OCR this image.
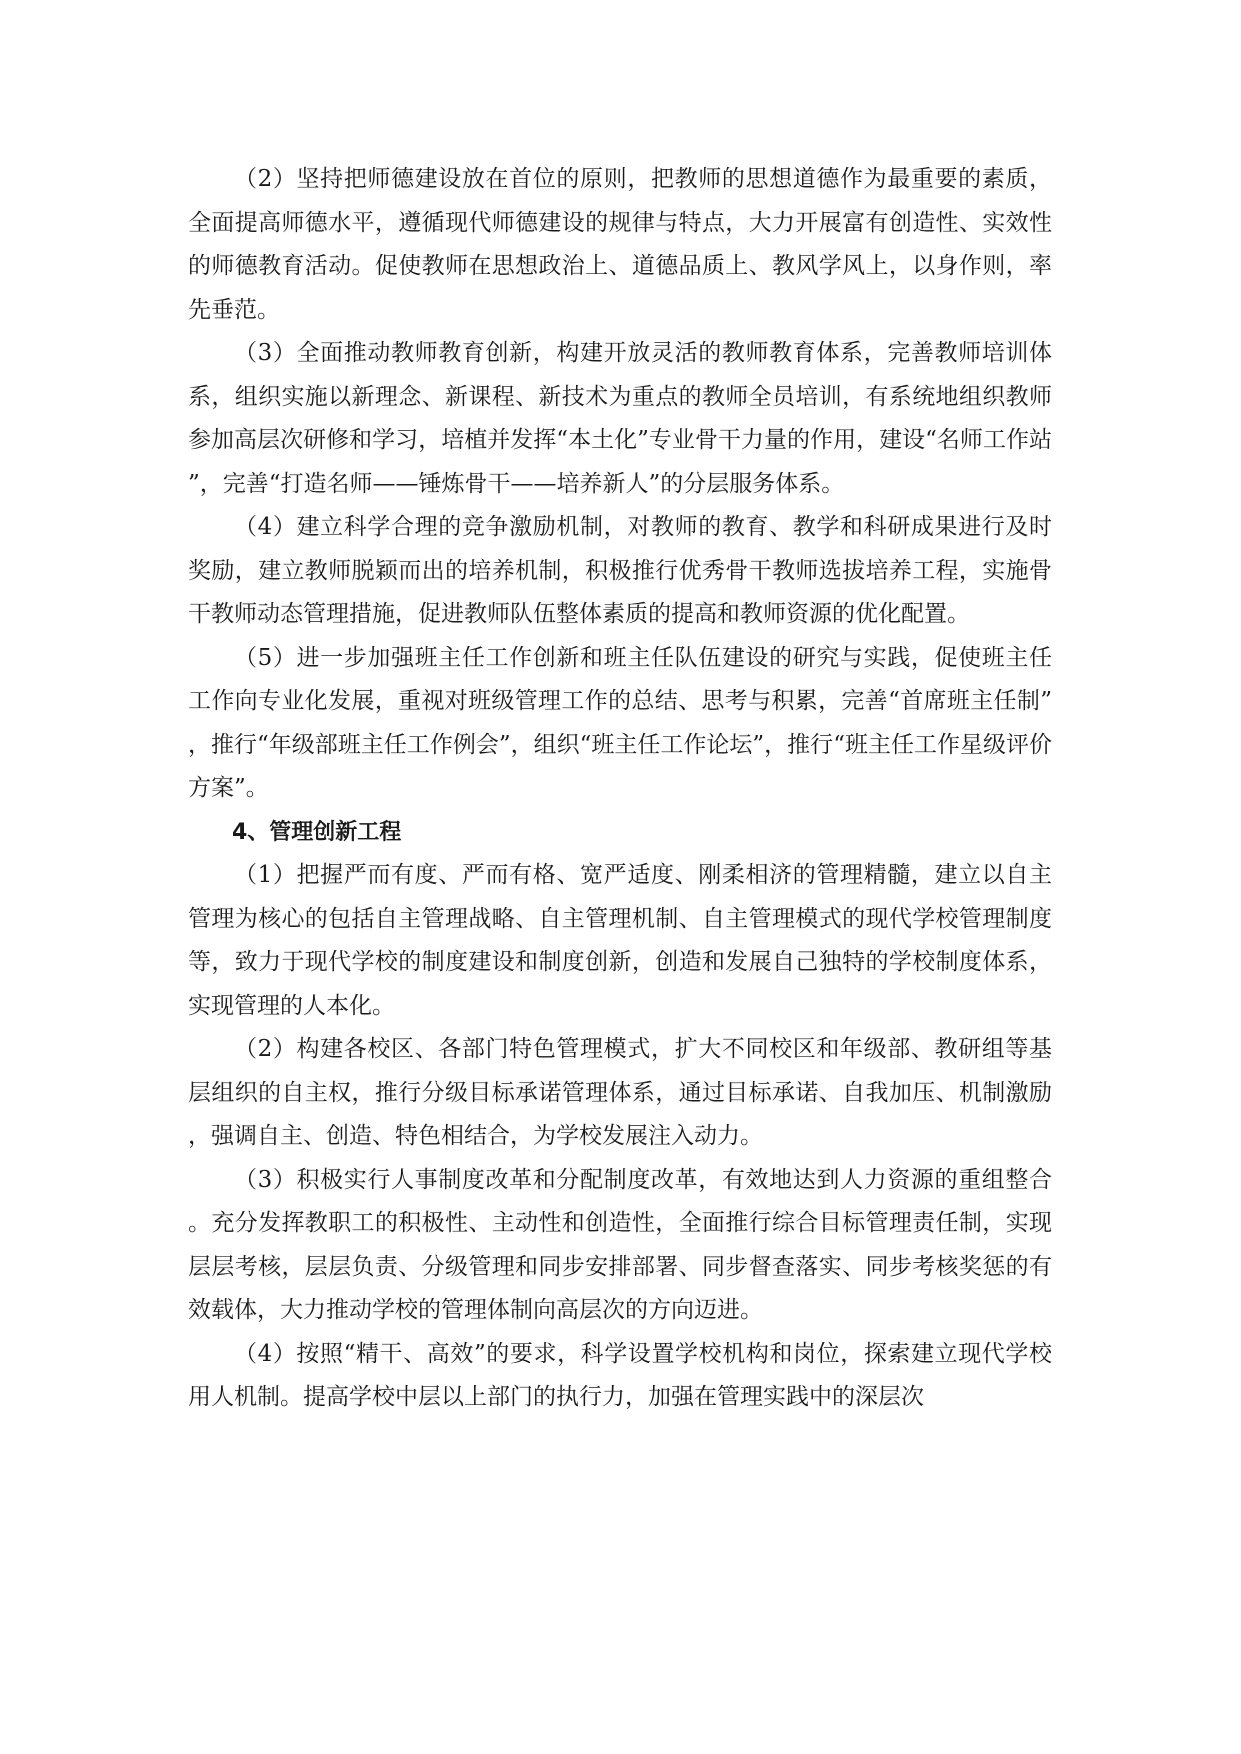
（2）坚持把师德建设放在首位的原则，把教师的思想道德作为最重要的素质，全面提高师德水平，遵循现代师德建设的规律与特点，大力开展富有创造性、实效性的师德教育活动。促使教师在思想政治上、道德品质上、教风学风上，以身作则，率先垂范。

（3）全面推动教师教育创新，构建开放灵活的教师教育体系，完善教师培训体系，组织实施以新理念、新课程、新技术为重点的教师全员培训，有系统地组织教师参加高层次研修和学习，培植并发挥“本土化”专业骨干力量的作用，建设“名师工作站”，完善“打造名师——锤炼骨干——培养新人”的分层服务体系。

（4）建立科学合理的竞争激励机制，对教师的教育、教学和科研成果进行及时奖励，建立教师脱颖而出的培养机制，积极推行优秀骨干教师选拔培养工程，实施骨干教师动态管理措施，促进教师队伍整体素质的提高和教师资源的优化配置。

（5）进一步加强班主任工作创新和班主任队伍建设的研究与实践，促使班主任工作向专业化发展，重视对班级管理工作的总结、思考与积累，完善“首席班主任制”，推行“年级部班主任工作例会”，组织“班主任工作论坛”，推行“班主任工作星级评价方案”。

4、管理创新工程

（1）把握严而有度、严而有格、宽严适度、刚柔相济的管理精髓，建立以自主管理为核心的包括自主管理战略、自主管理机制、自主管理模式的现代学校管理制度等，致力于现代学校的制度建设和制度创新，创造和发展自己独特的学校制度体系，实现管理的人本化。

（2）构建各校区、各部门特色管理模式，扩大不同校区和年级部、教研组等基层组织的自主权，推行分级目标承诺管理体系，通过目标承诺、自我加压、机制激励，强调自主、创造、特色相结合，为学校发展注入动力。

（3）积极实行人事制度改革和分配制度改革，有效地达到人力资源的重组整合。充分发挥教职工的积极性、主动性和创造性，全面推行综合目标管理责任制，实现层层考核，层层负责、分级管理和同步安排部署、同步督查落实、同步考核奖惩的有效载体，大力推动学校的管理体制向高层次的方向迈进。

（4）按照“精干、高效”的要求，科学设置学校机构和岗位，探索建立现代学校用人机制。提高学校中层以上部门的执行力，加强在管理实践中的深层次
